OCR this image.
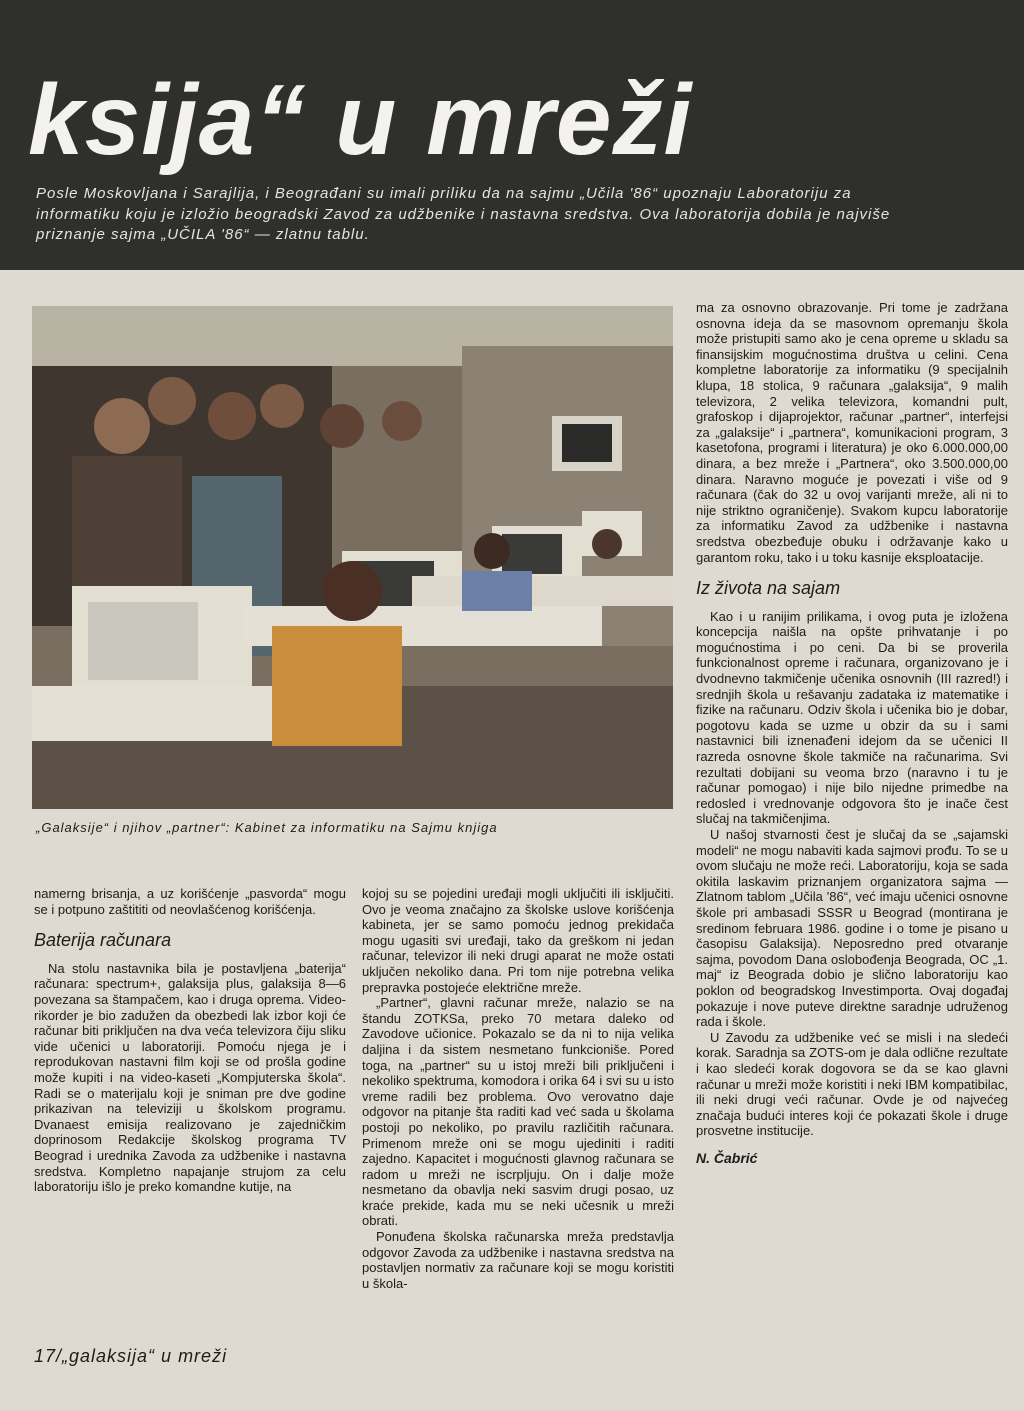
ksija“ u mreži

Posle Moskovljana i Sarajlija, i Beograđani su imali priliku da na sajmu „Učila '86“ upoznaju Laboratoriju za informatiku koju je izložio beogradski Zavod za udžbenike i nastavna sredstva. Ova laboratorija dobila je najviše priznanje sajma „UČILA '86“ — zlatnu tablu.

„Galaksije“ i njihov „partner“: Kabinet za informatiku na Sajmu knjiga

namerng brisanja, a uz korišćenje „pasvorda“ mogu se i potpuno zaštititi od neovlašćenog korišćenja.

Baterija računara

Na stolu nastavnika bila je postavljena „baterija“ računara: spectrum+, galaksija plus, galaksija 8—6 povezana sa štampačem, kao i druga oprema. Video-rikorder je bio zadužen da obezbedi lak izbor koji će računar biti priključen na dva veća televizora čiju sliku vide učenici u laboratoriji. Pomoću njega je i reprodukovan nastavni film koji se od prošla godine može kupiti i na video-kaseti „Kompjuterska škola“. Radi se o materijalu koji je sniman pre dve godine prikazivan na televiziji u školskom programu. Dvanaest emisija realizovano je zajedničkim doprinosom Redakcije školskog programa TV Beograd i urednika Zavoda za udžbenike i nastavna sredstva. Kompletno napajanje strujom za celu laboratoriju išlo je preko komandne kutije, na

kojoj su se pojedini uređaji mogli uključiti ili isključiti. Ovo je veoma značajno za školske uslove korišćenja kabineta, jer se samo pomoću jednog prekidača mogu ugasiti svi uređaji, tako da greškom ni jedan računar, televizor ili neki drugi aparat ne može ostati uključen nekoliko dana. Pri tom nije potrebna velika prepravka postojeće električne mreže.

„Partner“, glavni računar mreže, nalazio se na štandu ZOTKSa, preko 70 metara daleko od Zavodove učionice. Pokazalo se da ni to nija velika daljina i da sistem nesmetano funkcioniše. Pored toga, na „partner“ su u istoj mreži bili priključeni i nekoliko spektruma, komodora i orika 64 i svi su u isto vreme radili bez problema. Ovo verovatno daje odgovor na pitanje šta raditi kad već sada u školama postoji po nekoliko, po pravilu različitih računara. Primenom mreže oni se mogu ujediniti i raditi zajedno. Kapacitet i mogućnosti glavnog računara se radom u mreži ne iscrpljuju. On i dalje može nesmetano da obavlja neki sasvim drugi posao, uz kraće prekide, kada mu se neki učesnik u mreži obrati.

Ponuđena školska računarska mreža predstavlja odgovor Zavoda za udžbenike i nastavna sredstva na postavljen normativ za računare koji se mogu koristiti u škola-

ma za osnovno obrazovanje. Pri tome je zadržana osnovna ideja da se masovnom opremanju škola može pristupiti samo ako je cena opreme u skladu sa finansijskim mogućnostima društva u celini. Cena kompletne laboratorije za informatiku (9 specijalnih klupa, 18 stolica, 9 računara „galaksija“, 9 malih televizora, 2 velika televizora, komandni pult, grafoskop i dijaprojektor, računar „partner“, interfejsi za „galaksije“ i „partnera“, komunikacioni program, 3 kasetofona, programi i literatura) je oko 6.000.000,00 dinara, a bez mreže i „Partnera“, oko 3.500.000,00 dinara. Naravno moguće je povezati i više od 9 računara (čak do 32 u ovoj varijanti mreže, ali ni to nije striktno ograničenje). Svakom kupcu laboratorije za informatiku Zavod za udžbenike i nastavna sredstva obezbeđuje obuku i održavanje kako u garantom roku, tako i u toku kasnije eksploatacije.

Iz života na sajam

Kao i u ranijim prilikama, i ovog puta je izložena koncepcija naišla na opšte prihvatanje i po mogućnostima i po ceni. Da bi se proverila funkcionalnost opreme i računara, organizovano je i dvodnevno takmičenje učenika osnovnih (III razred!) i srednjih škola u rešavanju zadataka iz matematike i fizike na računaru. Odziv škola i učenika bio je dobar, pogotovu kada se uzme u obzir da su i sami nastavnici bili iznenađeni idejom da se učenici II razreda osnovne škole takmiče na računarima. Svi rezultati dobijani su veoma brzo (naravno i tu je računar pomogao) i nije bilo nijedne primedbe na redosled i vrednovanje odgovora što je inače čest slučaj na takmičenjima.

U našoj stvarnosti čest je slučaj da se „sajamski modeli“ ne mogu nabaviti kada sajmovi prođu. To se u ovom slučaju ne može reći. Laboratoriju, koja se sada okitila laskavim priznanjem organizatora sajma — Zlatnom tablom „Učila '86“, već imaju učenici osnovne škole pri ambasadi SSSR u Beograd (montirana je sredinom februara 1986. godine i o tome je pisano u časopisu Galaksija). Neposredno pred otvaranje sajma, povodom Dana oslobođenja Beograda, OC „1. maj“ iz Beograda dobio je slično laboratoriju kao poklon od beogradskog Investimporta. Ovaj događaj pokazuje i nove puteve direktne saradnje udruženog rada i škole.

U Zavodu za udžbenike već se misli i na sledeći korak. Saradnja sa ZOTS-om je dala odlične rezultate i kao sledeći korak dogovora se da se kao glavni računar u mreži može koristiti i neki IBM kompatibilac, ili neki drugi veći računar. Ovde je od najvećeg značaja budući interes koji će pokazati škole i druge prosvetne institucije.

N. Čabrić

17/„galaksija“ u mreži
